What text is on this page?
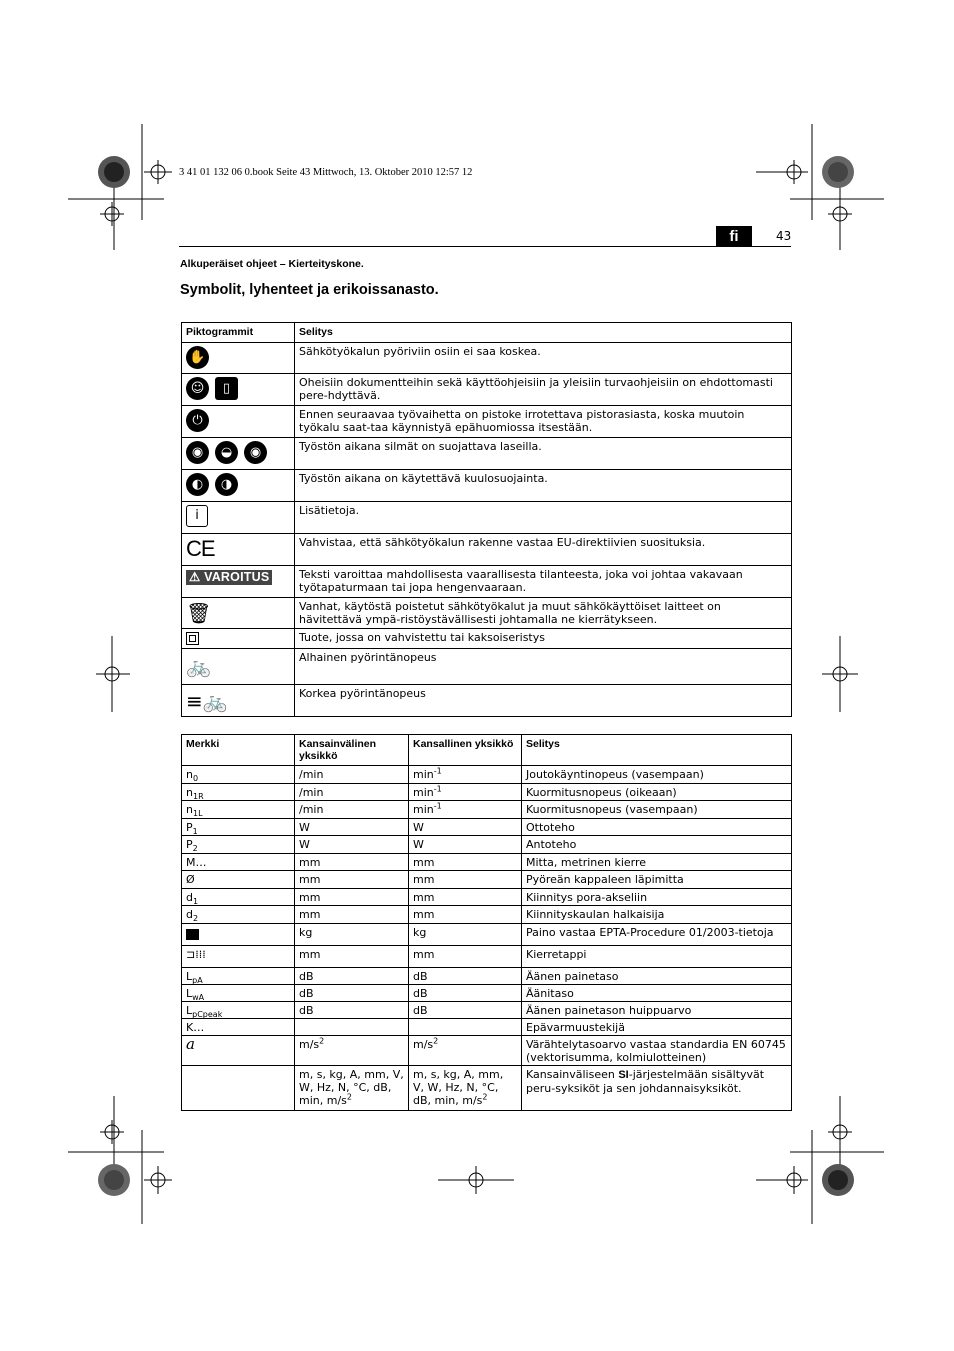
3 41 01 132 06 0.book Seite 43 Mittwoch, 13. Oktober 2010 12:57 12
fi	43
Alkuperäiset ohjeet – Kierteityskone.
Symbolit, lyhenteet ja erikoissanasto.
Piktogrammit	Selitys

✋	Sähkötyökalun pyöriviin osiin ei saa koskea.

☺ ▯	Oheisiin dokumentteihin sekä käyttöohjeisiin ja yleisiin turvaohjeisiin on ehdottomasti pere-hdyttävä.

⏻	Ennen seuraavaa työvaihetta on pistoke irrotettava pistorasiasta, koska muutoin työkalu saat-taa käynnistyä epähuomiossa itsestään.

◉ ◒ ◉	Työstön aikana silmät on suojattava laseilla.

◐ ◑	Työstön aikana on käytettävä kuulosuojainta.

i	Lisätietoja.
CE	Vahvistaa, että sähkötyökalun rakenne vastaa EU-direktiivien suosituksia.
⚠ VAROITUS	Teksti varoittaa mahdollisesta vaarallisesta tilanteesta, joka voi johtaa vakavaan työtapaturmaan tai jopa hengenvaaraan.
🗑	Vanhat, käytöstä poistetut sähkötyökalut ja muut sähkökäyttöiset laitteet on hävitettävä ympä-ristöystävällisesti johtamalla ne kierrätykseen.

	Tuote, jossa on vahvistettu tai kaksoiseristys
🚲	Alhainen pyörintänopeus
≡🚲	Korkea pyörintänopeus
Merkki	Kansainvälinen yksikkö	Kansallinen yksikkö	Selitys
$n_0$	/min	$\min^{-1}$	Joutokäyntinopeus (vasempaan)
$n_{1R}$	/min	$\min^{-1}$	Kuormitusnopeus (oikeaan)
$n_{1L}$	/min	$\min^{-1}$	Kuormitusnopeus (vasempaan)
$P_1$	W	W	Ottoteho
$P_2$	W	W	Antoteho
M…	mm	mm	Mitta, metrinen kierre
Ø	mm	mm	Pyöreän kappaleen läpimitta
$d_1$	mm	mm	Kiinnitys pora-akseliin
$d_2$	mm	mm	Kiinnityskaulan halkaisija
	kg	kg	Paino vastaa EPTA-Procedure 01/2003-tietoja
⊐⁞⁞⁞	mm	mm	Kierretappi
$L_{pA}$	dB	dB	Äänen painetaso
$L_{wA}$	dB	dB	Äänitaso
$L_{pCpeak}$	dB	dB	Äänen painetason huippuarvo
K…			Epävarmuustekijä
a	$m/s^2$	$m/s^2$	Värähtelytasoarvo vastaa standardia EN 60745 (vektorisumma, kolmiulotteinen)
	m, s, kg, A, mm, V, W, Hz, N, °C, dB, min, $m/s^2$	m, s, kg, A, mm, V, W, Hz, N, °C, dB, min, $m/s^2$	Kansainväliseen SI-järjestelmään sisältyvät peru-syksiköt ja sen johdannaisyksiköt.
